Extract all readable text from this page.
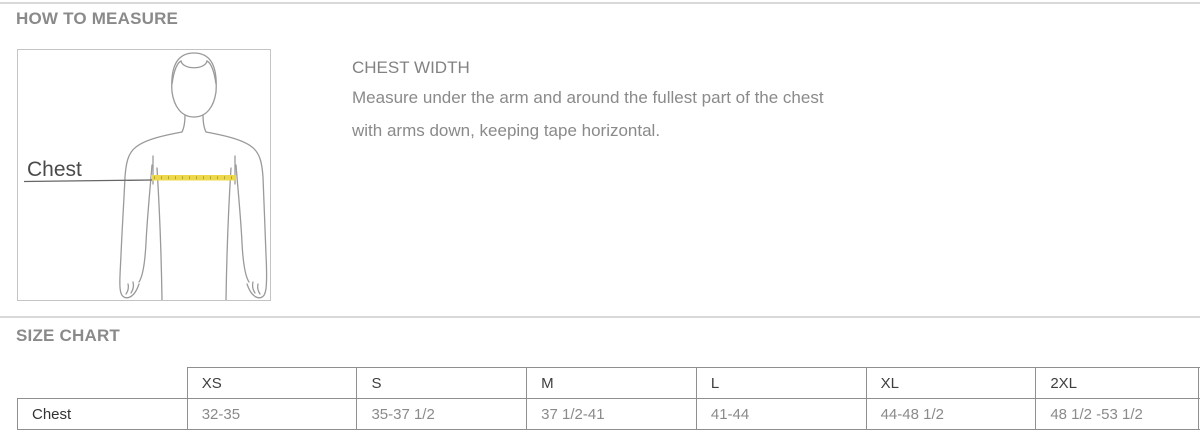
HOW TO MEASURE
Chest
CHEST WIDTH
Measure under the arm and around the fullest part of the chest
with arms down, keeping tape horizontal.
SIZE CHART
	XS	S	M	L	XL	2XL	
Chest	32-35	35-37 1/2	37 1/2-41	41-44	44-48 1/2	48 1/2 -53 1/2	
